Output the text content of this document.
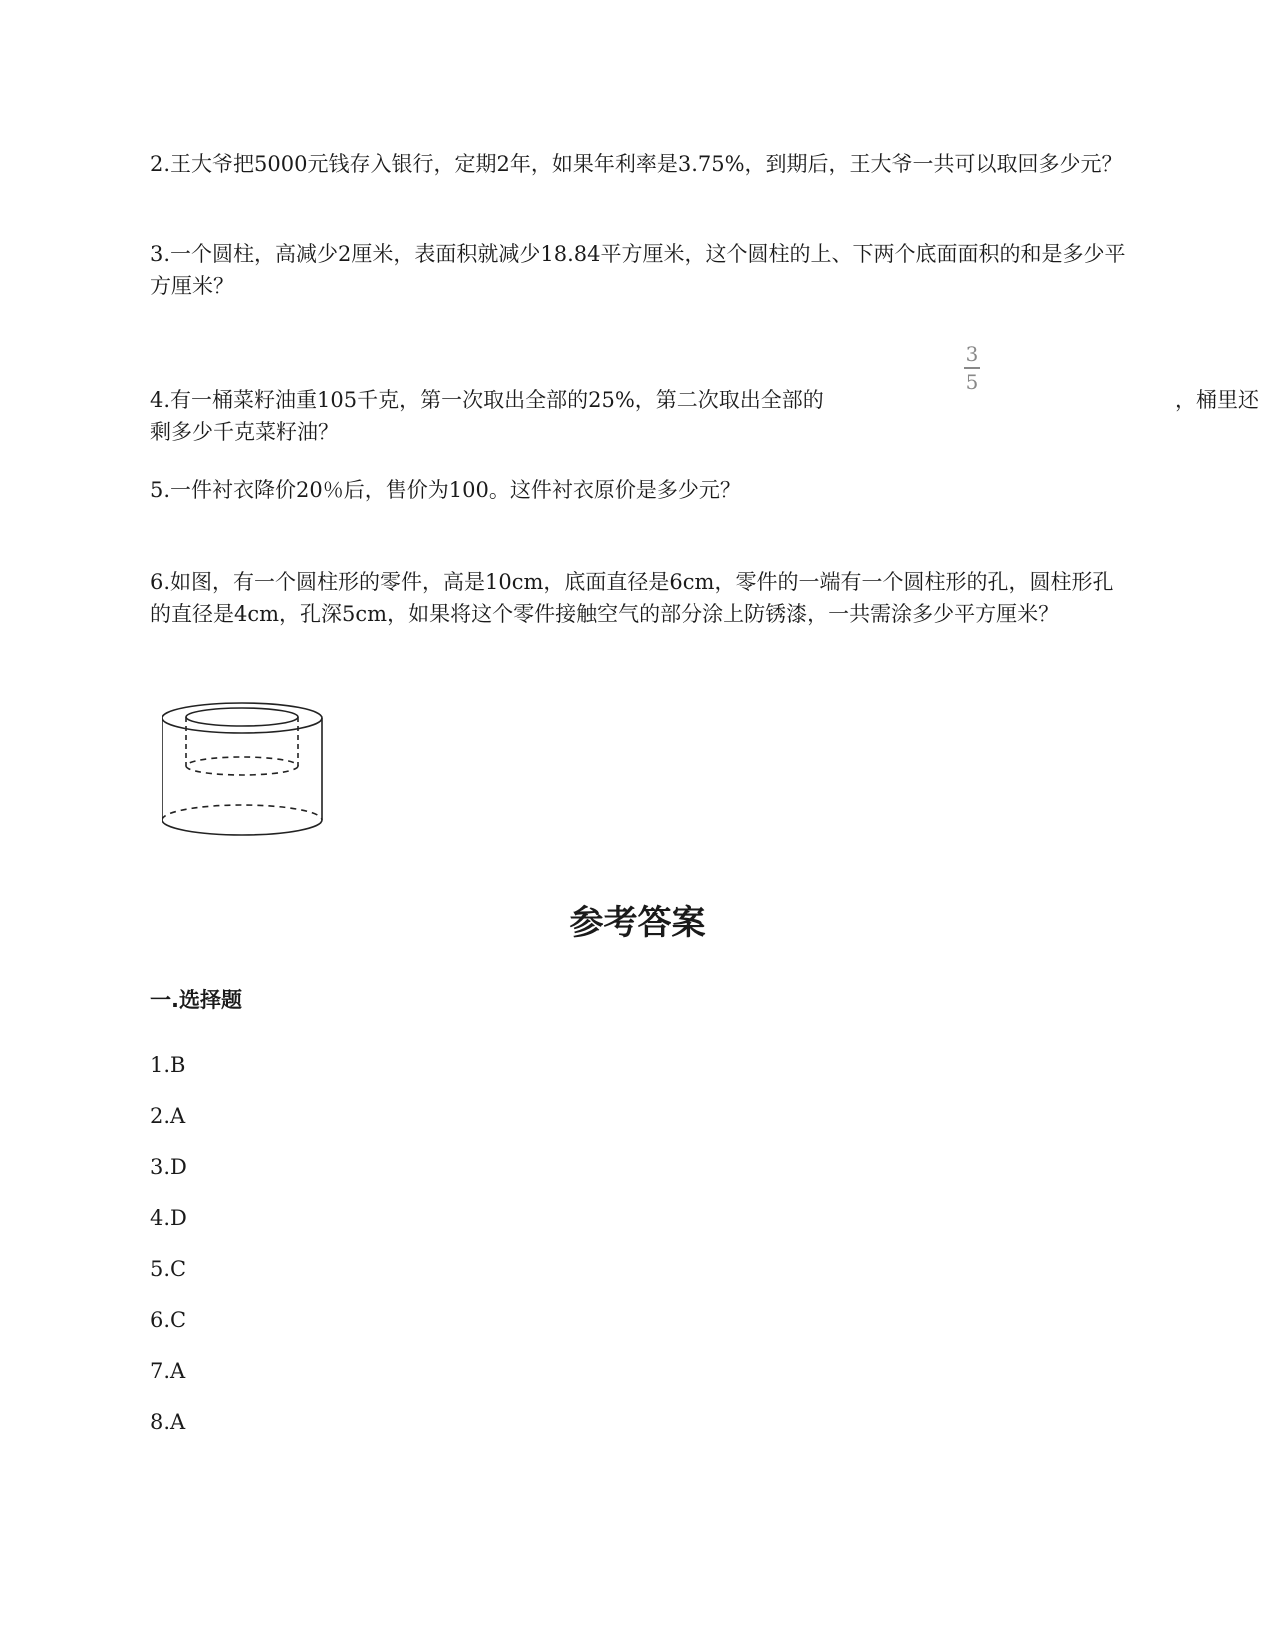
2.王大爷把5000元钱存入银行，定期2年，如果年利率是3.75%，到期后，王大爷一共可以取回多少元？

3.一个圆柱，高减少2厘米，表面积就减少18.84平方厘米，这个圆柱的上、下两个底面面积的和是多少平方厘米？

3
5
4.有一桶菜籽油重105千克，第一次取出全部的25%，第二次取出全部的	，桶里还
剩多少千克菜籽油？

5.一件衬衣降价20％后，售价为100。这件衬衣原价是多少元？

6.如图，有一个圆柱形的零件，高是10cm，底面直径是6cm，零件的一端有一个圆柱形的孔，圆柱形孔的直径是4cm，孔深5cm，如果将这个零件接触空气的部分涂上防锈漆，一共需涂多少平方厘米？

参考答案
一.选择题

1.B

2.A

3.D

4.D

5.C

6.C

7.A

8.A
